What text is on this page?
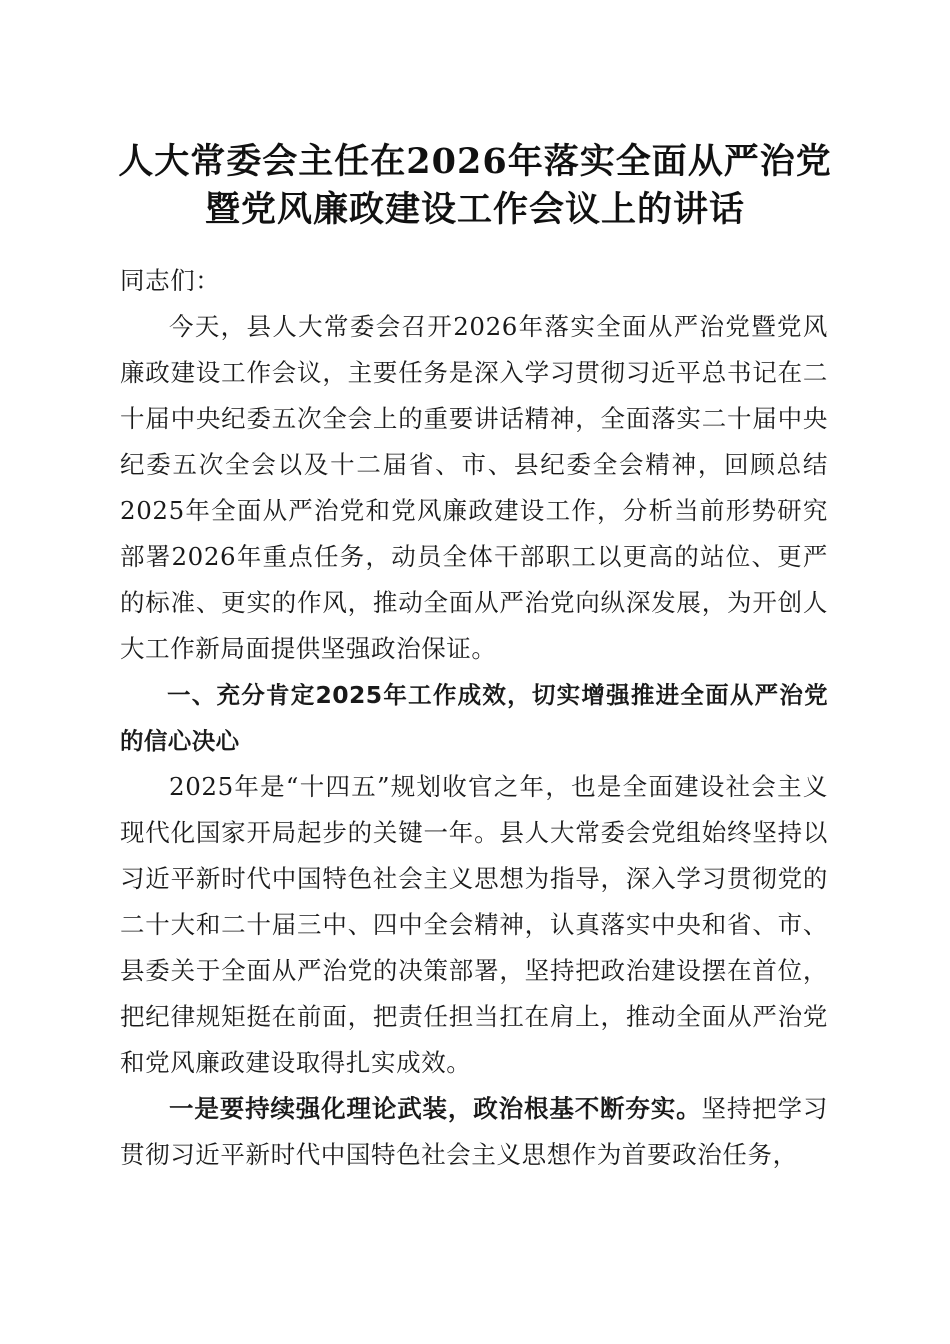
人大常委会主任在2026年落实全面从严治党
暨党风廉政建设工作会议上的讲话

同志们：

今天，县人大常委会召开2026年落实全面从严治党暨党风廉政建设工作会议，主要任务是深入学习贯彻习近平总书记在二十届中央纪委五次全会上的重要讲话精神，全面落实二十届中央纪委五次全会以及十二届省、市、县纪委全会精神，回顾总结2025年全面从严治党和党风廉政建设工作，分析当前形势研究部署2026年重点任务，动员全体干部职工以更高的站位、更严的标准、更实的作风，推动全面从严治党向纵深发展，为开创人大工作新局面提供坚强政治保证。

一、充分肯定2025年工作成效，切实增强推进全面从严治党的信心决心

2025年是“十四五”规划收官之年，也是全面建设社会主义现代化国家开局起步的关键一年。县人大常委会党组始终坚持以习近平新时代中国特色社会主义思想为指导，深入学习贯彻党的二十大和二十届三中、四中全会精神，认真落实中央和省、市、县委关于全面从严治党的决策部署，坚持把政治建设摆在首位，把纪律规矩挺在前面，把责任担当扛在肩上，推动全面从严治党和党风廉政建设取得扎实成效。

一是要持续强化理论武装，政治根基不断夯实。坚持把学习贯彻习近平新时代中国特色社会主义思想作为首要政治任务，
